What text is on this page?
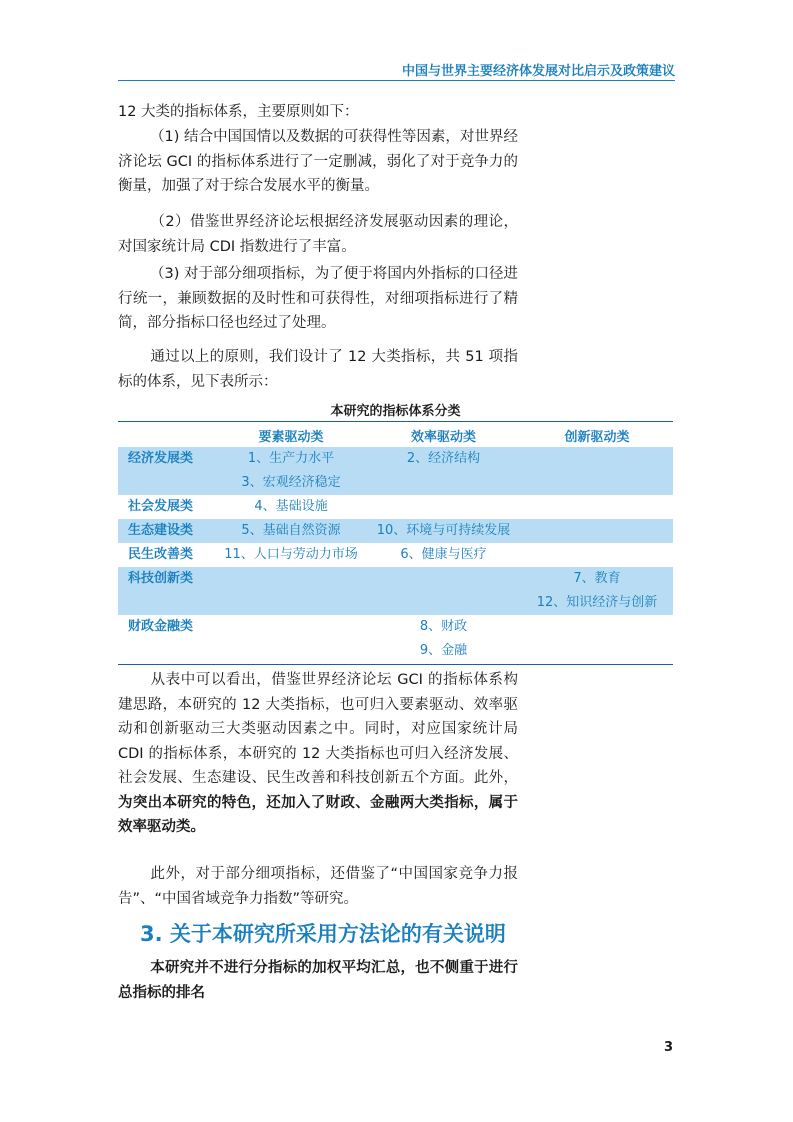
中国与世界主要经济体发展对比启示及政策建议

12 大类的指标体系，主要原则如下：

（1) 结合中国国情以及数据的可获得性等因素，对世界经济论坛 GCI 的指标体系进行了一定删减，弱化了对于竞争力的衡量，加强了对于综合发展水平的衡量。

（2）借鉴世界经济论坛根据经济发展驱动因素的理论，对国家统计局 CDI 指数进行了丰富。

（3) 对于部分细项指标，为了便于将国内外指标的口径进行统一，兼顾数据的及时性和可获得性，对细项指标进行了精简，部分指标口径也经过了处理。

通过以上的原则，我们设计了 12 大类指标，共 51 项指标的体系，见下表所示：

本研究的指标体系分类
	要素驱动类	效率驱动类	创新驱动类
经济发展类	1、生产力水平	2、经济结构	
	3、宏观经济稳定		
社会发展类	4、基础设施		
生态建设类	5、基础自然资源	10、环境与可持续发展	
民生改善类	11、人口与劳动力市场	6、健康与医疗	
科技创新类			7、教育
			12、知识经济与创新
财政金融类		8、财政	
		9、金融	

从表中可以看出，借鉴世界经济论坛 GCI 的指标体系构建思路，本研究的 12 大类指标，也可归入要素驱动、效率驱动和创新驱动三大类驱动因素之中。同时，对应国家统计局 CDI 的指标体系，本研究的 12 大类指标也可归入经济发展、社会发展、生态建设、民生改善和科技创新五个方面。此外，为突出本研究的特色，还加入了财政、金融两大类指标，属于效率驱动类。

此外，对于部分细项指标，还借鉴了“中国国家竞争力报告”、“中国省域竞争力指数”等研究。

3. 关于本研究所采用方法论的有关说明

本研究并不进行分指标的加权平均汇总，也不侧重于进行总指标的排名

3
